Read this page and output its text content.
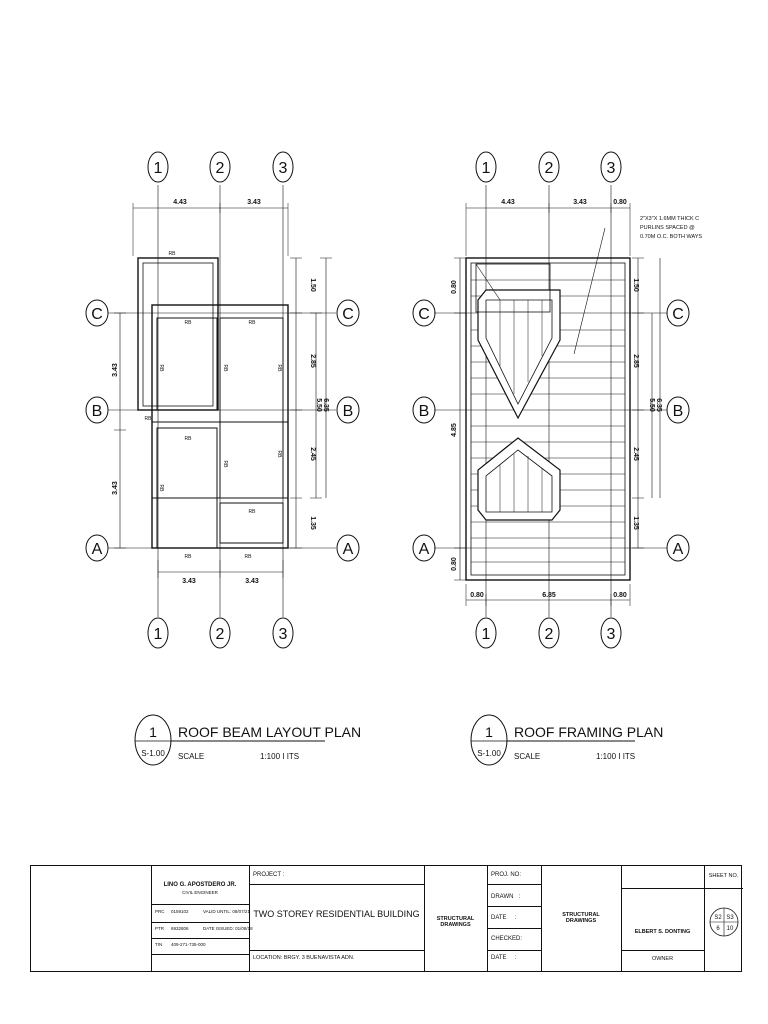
1	2	3
1	2	3
C
B
A
C
B
A
4.43	3.43
3.43	3.43
3.43
3.43
1.50
2.85
2.45
1.35
5.50 6.35
RB
RB	RB
RB
RB
RB
RB	RB
RB	RB	RB
RB
RB
RB
1	2	3
1	2	3
C
B
A
C
B
A
4.43	3.43	0.80
0.80	6.85	0.80
0.80
4.85
0.80
1.50
2.85
2.45
1.35
5.50 6.35
2"X3"X 1.6MM THICK C
PURLINS SPACED @
0.70M O.C. BOTH WAYS
1
S-1.00
ROOF BEAM LAYOUT PLAN
SCALE	1:100 I ITS
1
S-1.00
ROOF FRAMING PLAN
SCALE	1:100 I ITS
LINO G. APOSTDERO JR.
CIVIL ENGINEER
PRC 0159102	VALID UNTIL: 08/07/21
PTR 6932806	DATE ISSUED: 01/08/18
TIN 409-271-735-000
PROJECT :
TWO STOREY RESIDENTIAL BUILDING
LOCATION: BRGY. 3 BUENAVISTA ADN.
STRUCTURAL
DRAWINGS
PROJ. NO:
DRAWN   :
DATE     :
CHECKED:
DATE     :
STRUCTURAL
DRAWINGS
ELBERT S. DONTING
OWNER
SHEET NO.
S2 S3
6 10
